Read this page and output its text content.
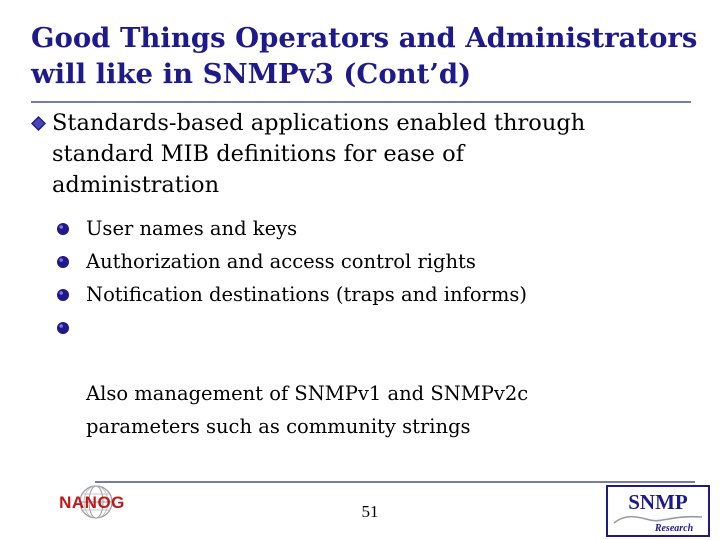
Good Things Operators and Administrators
will like in SNMPv3 (Cont’d)
Standards-based applications enabled through
standard MIB definitions for ease of
administration
User names and keys
Authorization and access control rights
Notification destinations (traps and informs)

Also management of SNMPv1 and SNMPv2c
parameters such as community strings

NANOG	51	SNMP
Research
